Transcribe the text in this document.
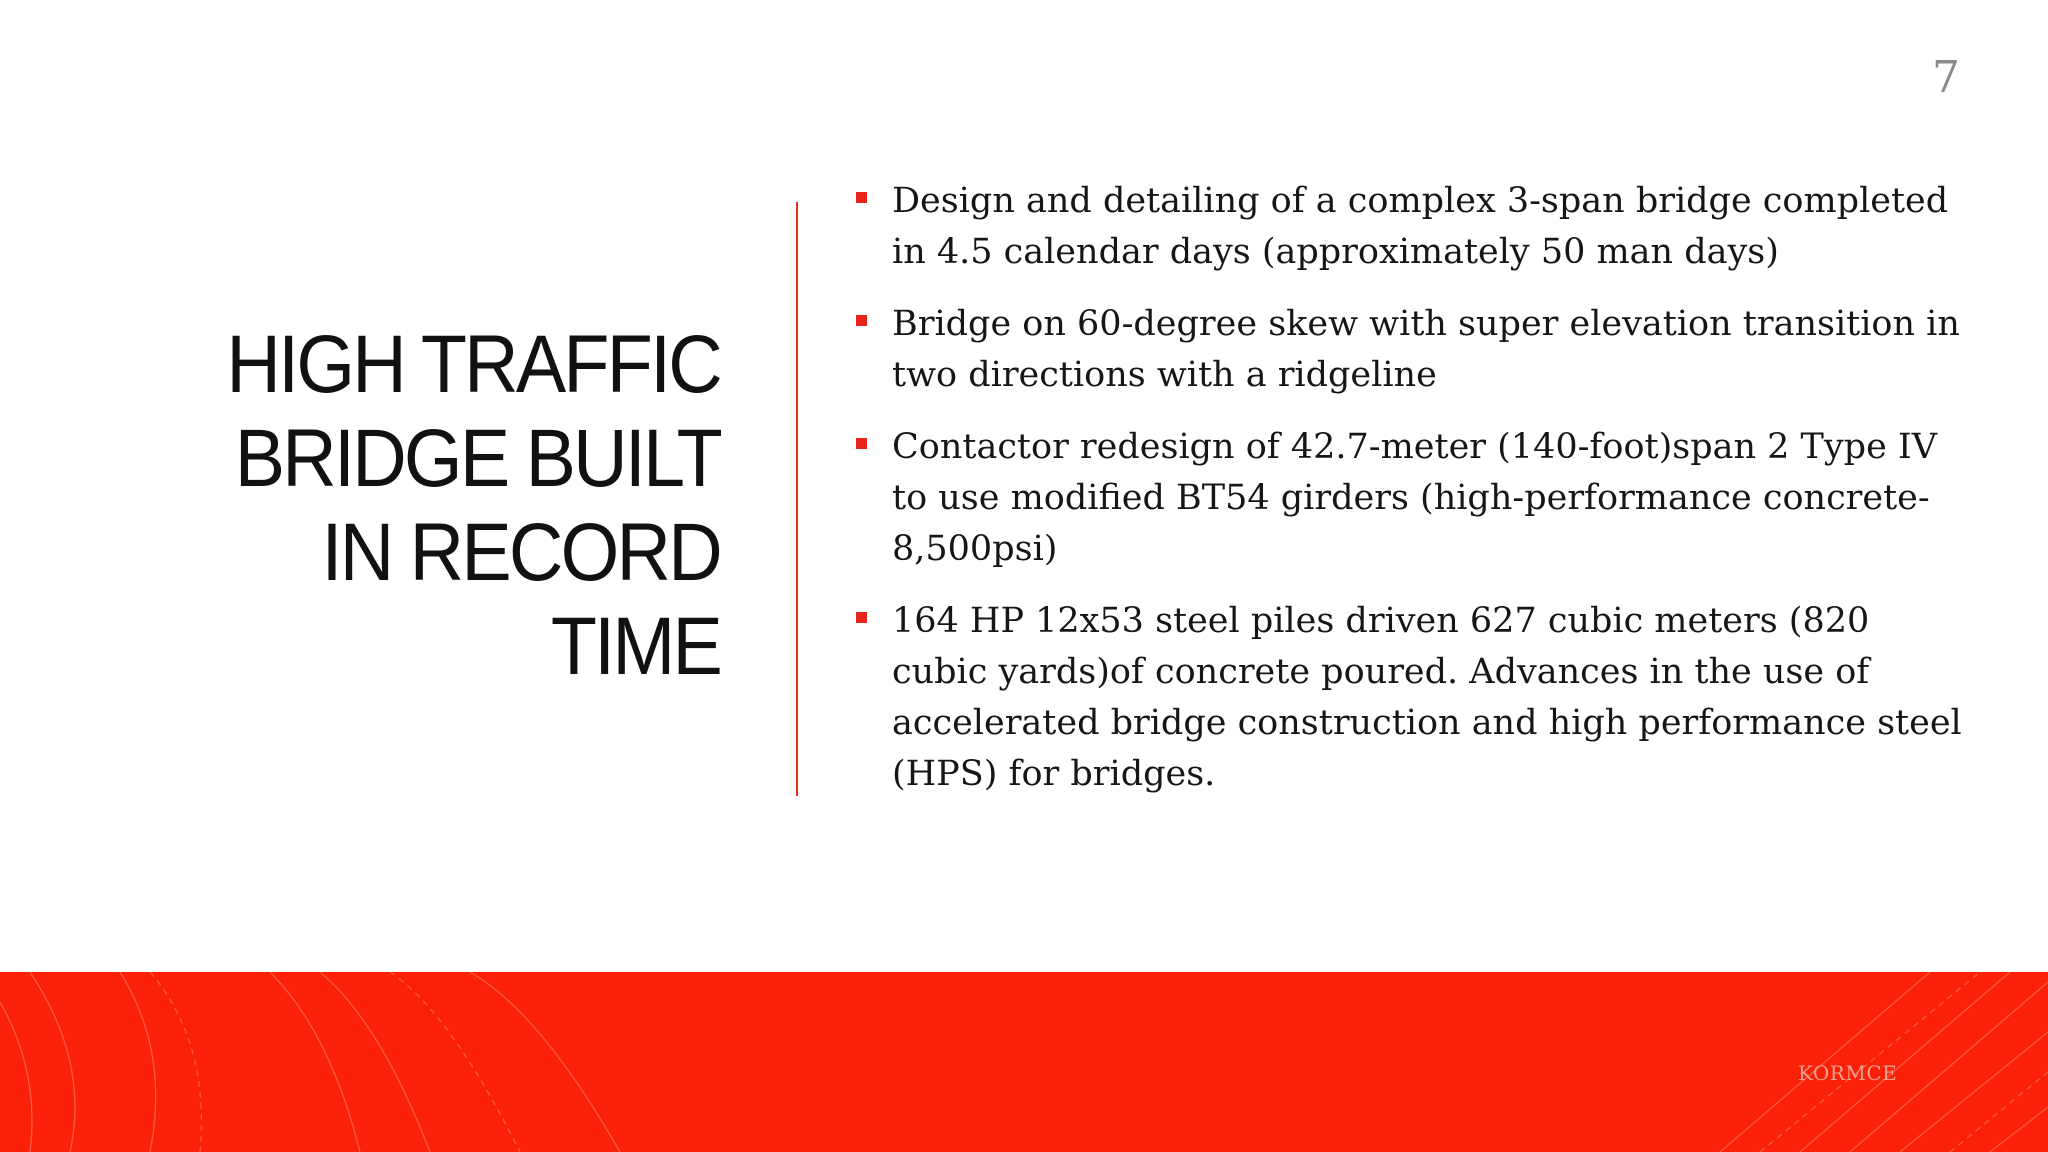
7
HIGH TRAFFIC
BRIDGE BUILT
IN RECORD
TIME
Design and detailing of a complex 3-span bridge completed in 4.5 calendar days (approximately 50 man days)
Bridge on 60-degree skew with super elevation transition in two directions with a ridgeline
Contactor redesign of 42.7-meter (140-foot)span 2 Type IV to use modified BT54 girders (high-performance concrete- 8,500psi)
164 HP 12x53 steel piles driven 627 cubic meters (820 cubic yards)of concrete poured. Advances in the use of accelerated bridge construction and high performance steel (HPS) for bridges.
KORMCE
